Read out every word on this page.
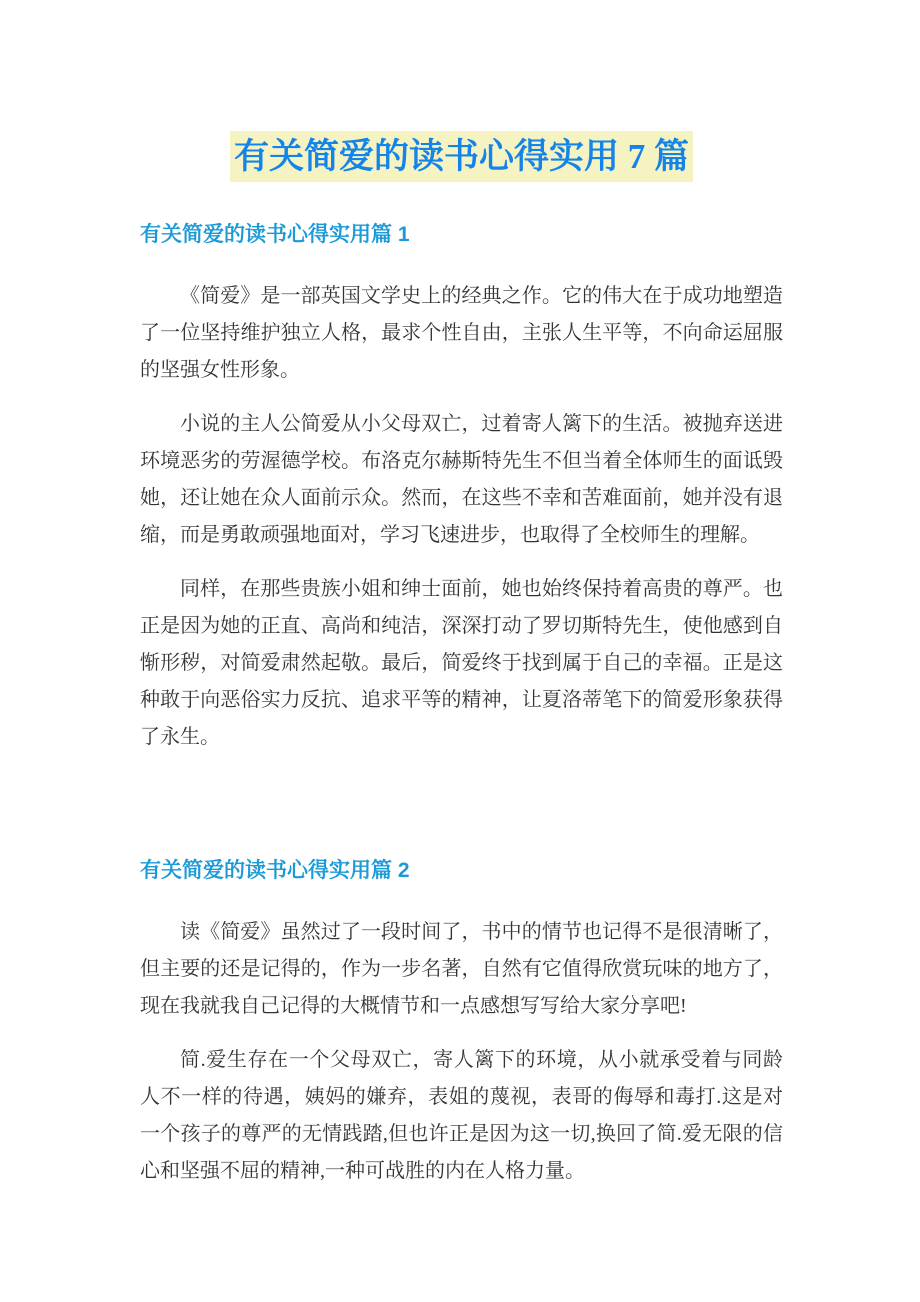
有关简爱的读书心得实用 7 篇
有关简爱的读书心得实用篇 1

《简爱》是一部英国文学史上的经典之作。它的伟大在于成功地塑造了一位坚持维护独立人格，最求个性自由，主张人生平等，不向命运屈服的坚强女性形象。

小说的主人公简爱从小父母双亡，过着寄人篱下的生活。被抛弃送进环境恶劣的劳渥德学校。布洛克尔赫斯特先生不但当着全体师生的面诋毁她，还让她在众人面前示众。然而，在这些不幸和苦难面前，她并没有退缩，而是勇敢顽强地面对，学习飞速进步，也取得了全校师生的理解。

同样，在那些贵族小姐和绅士面前，她也始终保持着高贵的尊严。也正是因为她的正直、高尚和纯洁，深深打动了罗切斯特先生，使他感到自惭形秽，对简爱肃然起敬。最后，简爱终于找到属于自己的幸福。正是这种敢于向恶俗实力反抗、追求平等的精神，让夏洛蒂笔下的简爱形象获得了永生。

有关简爱的读书心得实用篇 2

读《简爱》虽然过了一段时间了，书中的情节也记得不是很清晰了，但主要的还是记得的，作为一步名著，自然有它值得欣赏玩味的地方了，现在我就我自己记得的大概情节和一点感想写写给大家分享吧!

简.爱生存在一个父母双亡，寄人篱下的环境，从小就承受着与同龄人不一样的待遇，姨妈的嫌弃，表姐的蔑视，表哥的侮辱和毒打.这是对一个孩子的尊严的无情践踏,但也许正是因为这一切,换回了简.爱无限的信心和坚强不屈的精神,一种可战胜的内在人格力量。
